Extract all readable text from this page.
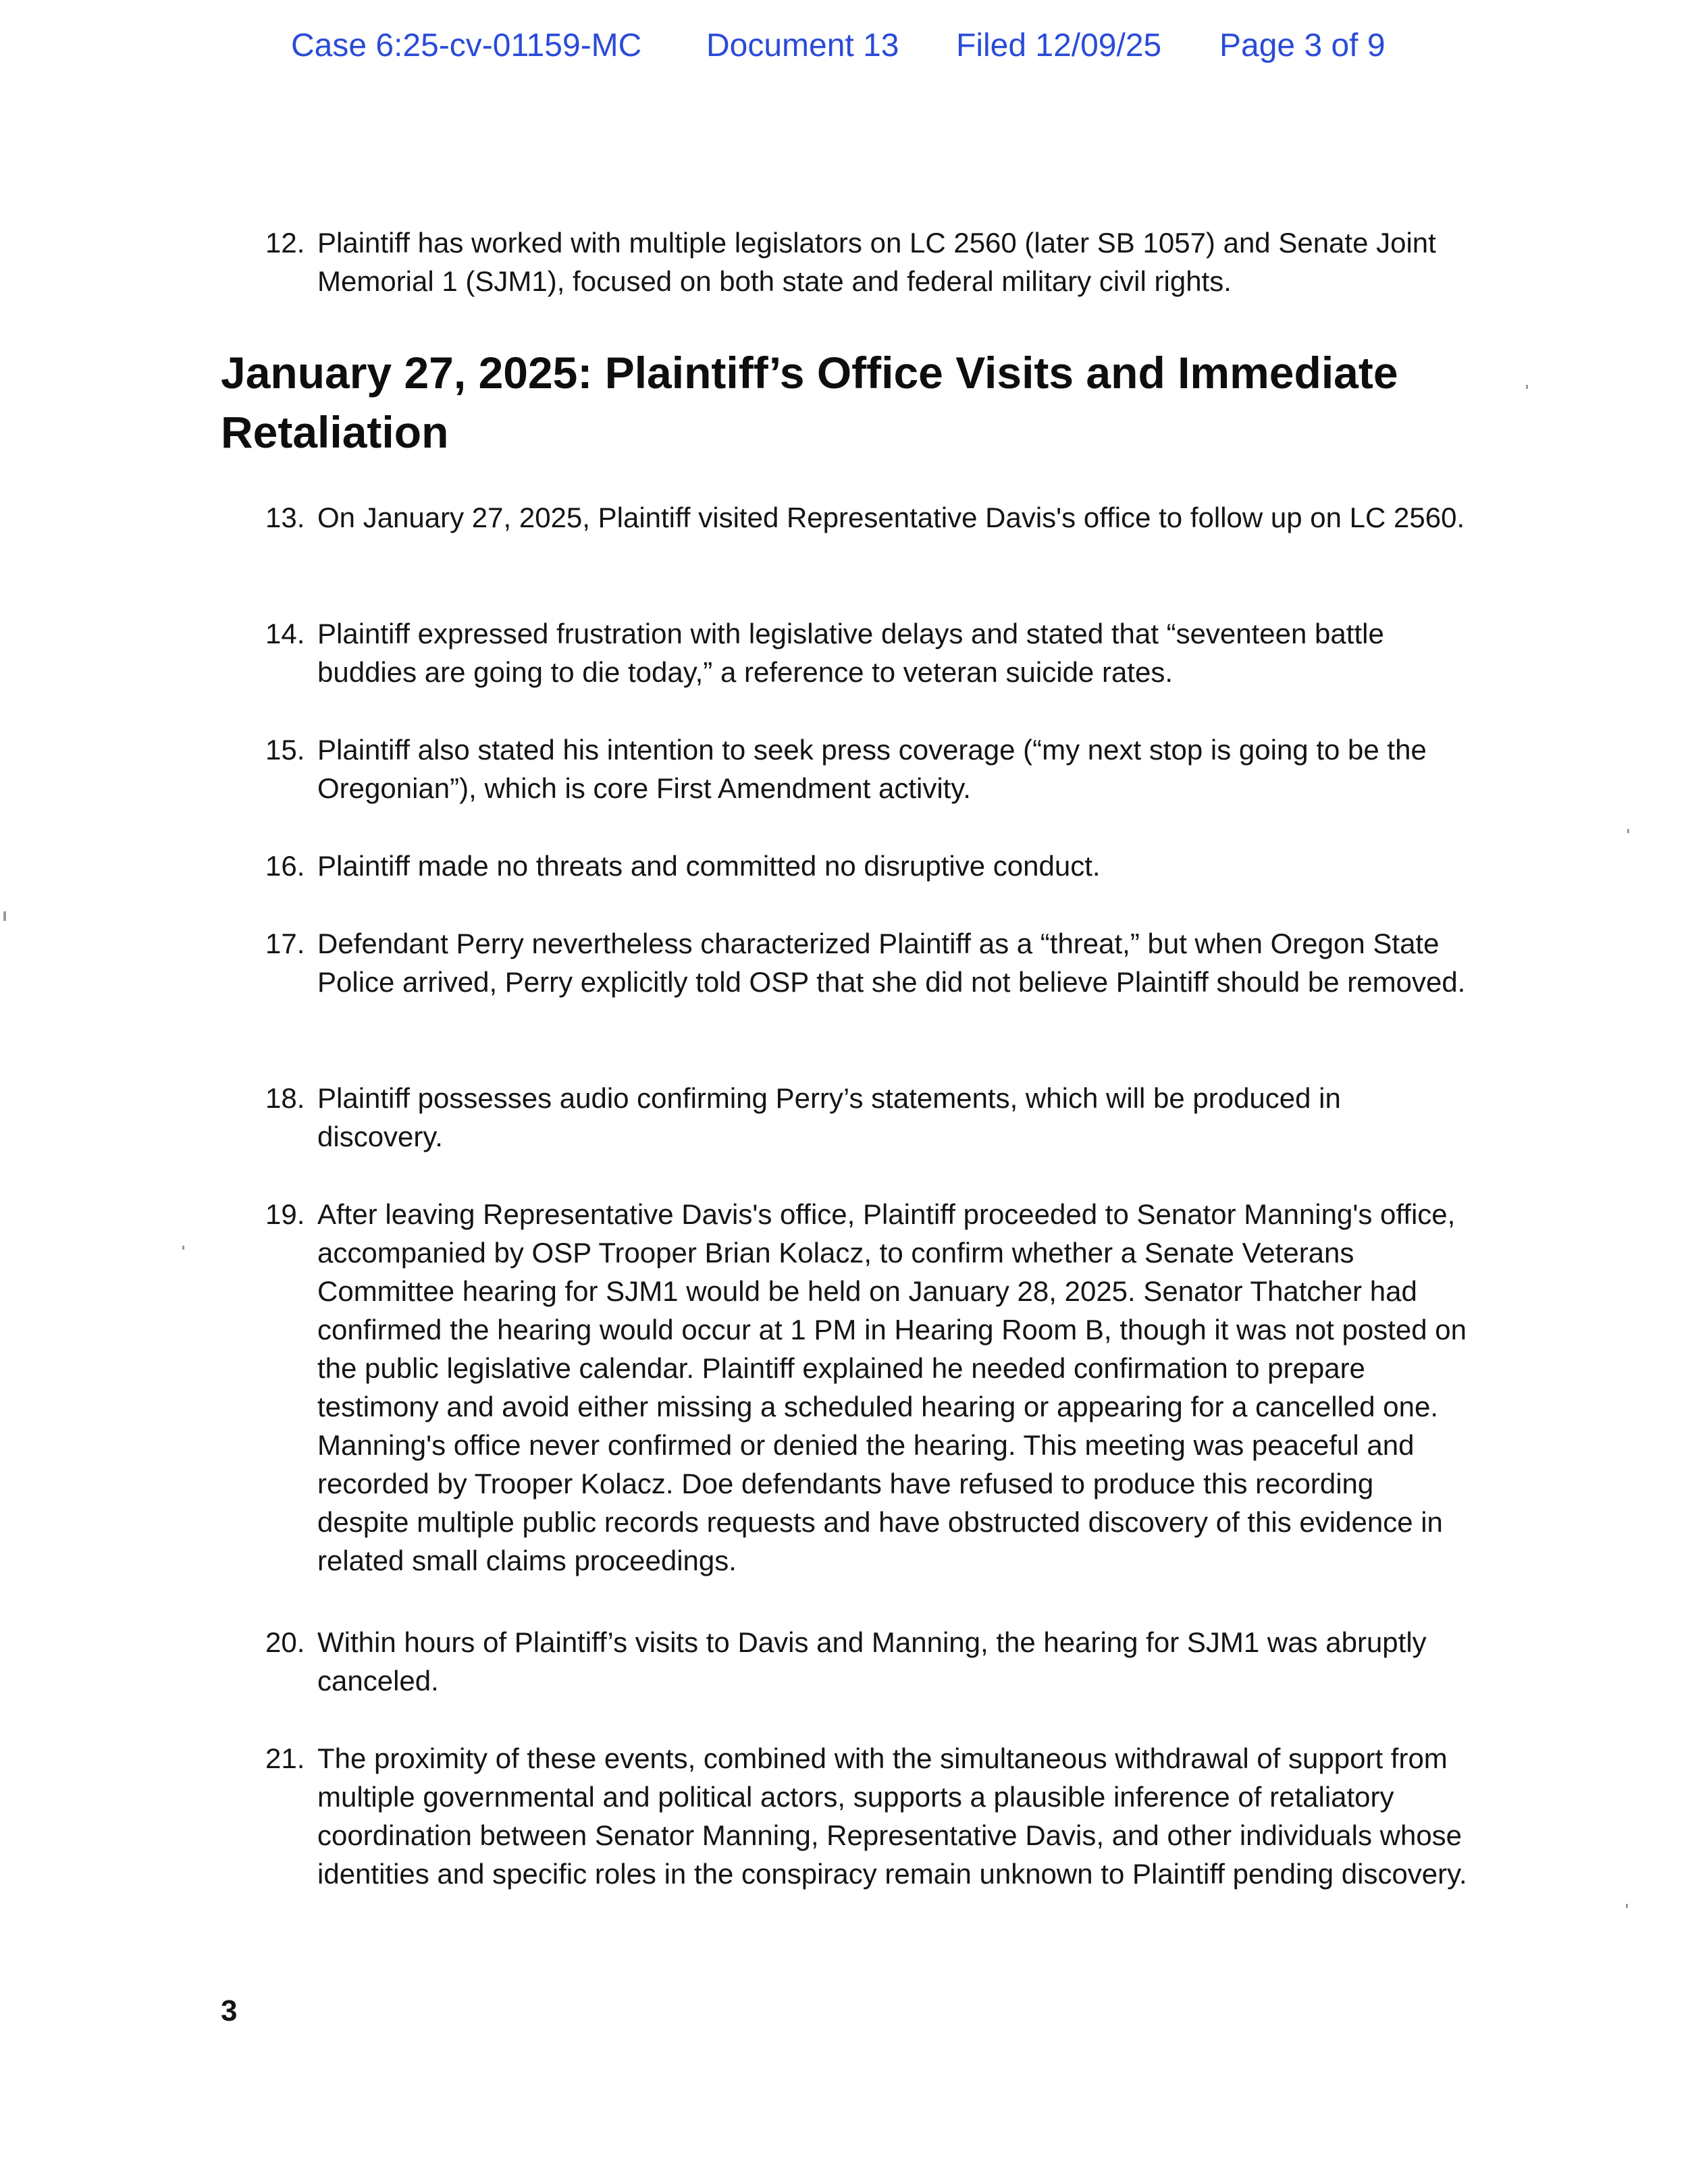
Case 6:25-cv-01159-MC Document 13 Filed 12/09/25 Page 3 of 9
12. Plaintiff has worked with multiple legislators on LC 2560 (later SB 1057) and Senate Joint Memorial 1 (SJM1), focused on both state and federal military civil rights.
January 27, 2025: Plaintiff’s Office Visits and Immediate Retaliation
13. On January 27, 2025, Plaintiff visited Representative Davis's office to follow up on LC 2560.
14. Plaintiff expressed frustration with legislative delays and stated that “seventeen battle buddies are going to die today,” a reference to veteran suicide rates.
15. Plaintiff also stated his intention to seek press coverage (“my next stop is going to be the Oregonian”), which is core First Amendment activity.
16. Plaintiff made no threats and committed no disruptive conduct.
17. Defendant Perry nevertheless characterized Plaintiff as a “threat,” but when Oregon State Police arrived, Perry explicitly told OSP that she did not believe Plaintiff should be removed.
18. Plaintiff possesses audio confirming Perry’s statements, which will be produced in discovery.
19. After leaving Representative Davis's office, Plaintiff proceeded to Senator Manning's office, accompanied by OSP Trooper Brian Kolacz, to confirm whether a Senate Veterans Committee hearing for SJM1 would be held on January 28, 2025. Senator Thatcher had confirmed the hearing would occur at 1 PM in Hearing Room B, though it was not posted on the public legislative calendar. Plaintiff explained he needed confirmation to prepare testimony and avoid either missing a scheduled hearing or appearing for a cancelled one. Manning's office never confirmed or denied the hearing. This meeting was peaceful and recorded by Trooper Kolacz. Doe defendants have refused to produce this recording despite multiple public records requests and have obstructed discovery of this evidence in related small claims proceedings.
20. Within hours of Plaintiff’s visits to Davis and Manning, the hearing for SJM1 was abruptly canceled.
21. The proximity of these events, combined with the simultaneous withdrawal of support from multiple governmental and political actors, supports a plausible inference of retaliatory coordination between Senator Manning, Representative Davis, and other individuals whose identities and specific roles in the conspiracy remain unknown to Plaintiff pending discovery.
3
